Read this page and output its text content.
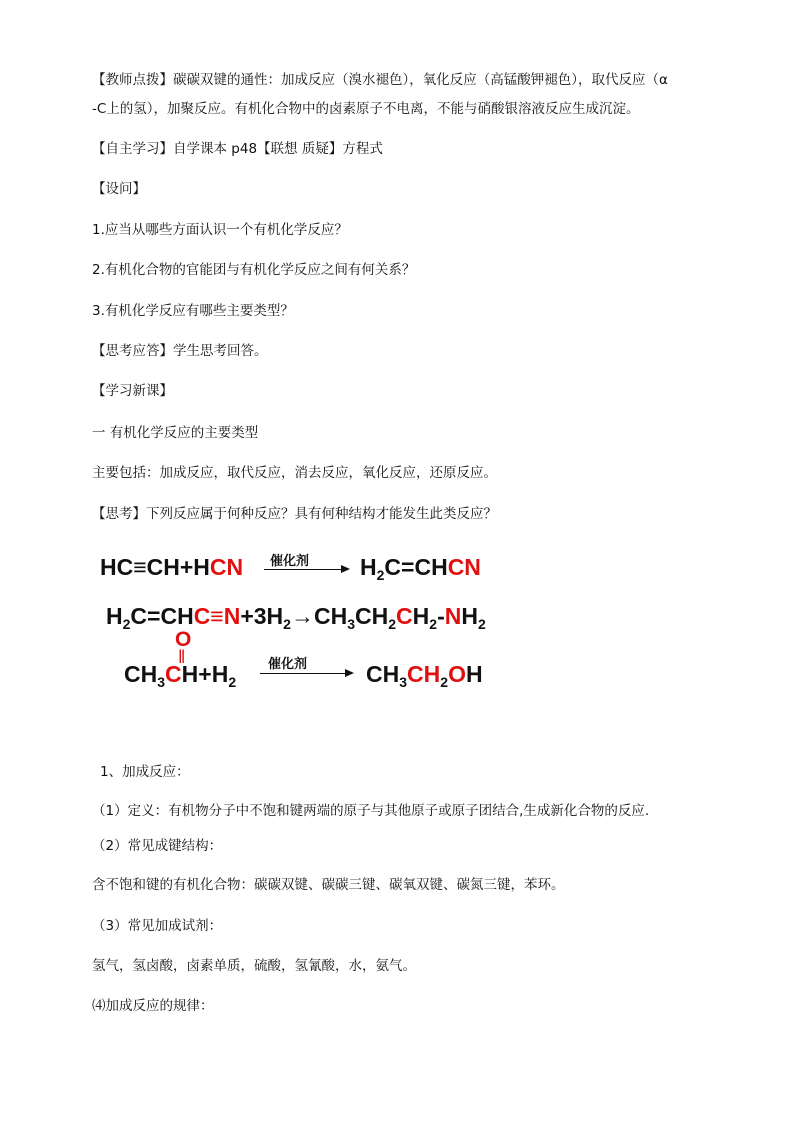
【教师点拨】碳碳双键的通性：加成反应（溴水褪色），氧化反应（高锰酸钾褪色），取代反应（α
-C上的氢），加聚反应。有机化合物中的卤素原子不电离，不能与硝酸银溶液反应生成沉淀。
【自主学习】自学课本 p48【联想 质疑】方程式
【设问】
1.应当从哪些方面认识一个有机化学反应？
2.有机化合物的官能团与有机化学反应之间有何关系？
3.有机化学反应有哪些主要类型？
【思考应答】学生思考回答。
【学习新课】
一 有机化学反应的主要类型
主要包括：加成反应，取代反应，消去反应，氧化反应，还原反应。
【思考】下列反应属于何种反应？具有何种结构才能发生此类反应？
HC≡CH+HCN 催化剂 $H_2C=CHCN$
$H_2C=CHC\equiv N+3H_2\to CH_3CH_2CH_2-NH_2$
O
‖
$CH_3CH+H_2$
催化剂	$CH_3CH_2OH$
1、加成反应：
（1）定义：有机物分子中不饱和键两端的原子与其他原子或原子团结合,生成新化合物的反应.
（2）常见成键结构：
含不饱和键的有机化合物：碳碳双键、碳碳三键、碳氧双键、碳氮三键，苯环。
（3）常见加成试剂：
氢气，氢卤酸，卤素单质，硫酸，氢氰酸，水，氨气。
⑷加成反应的规律：
